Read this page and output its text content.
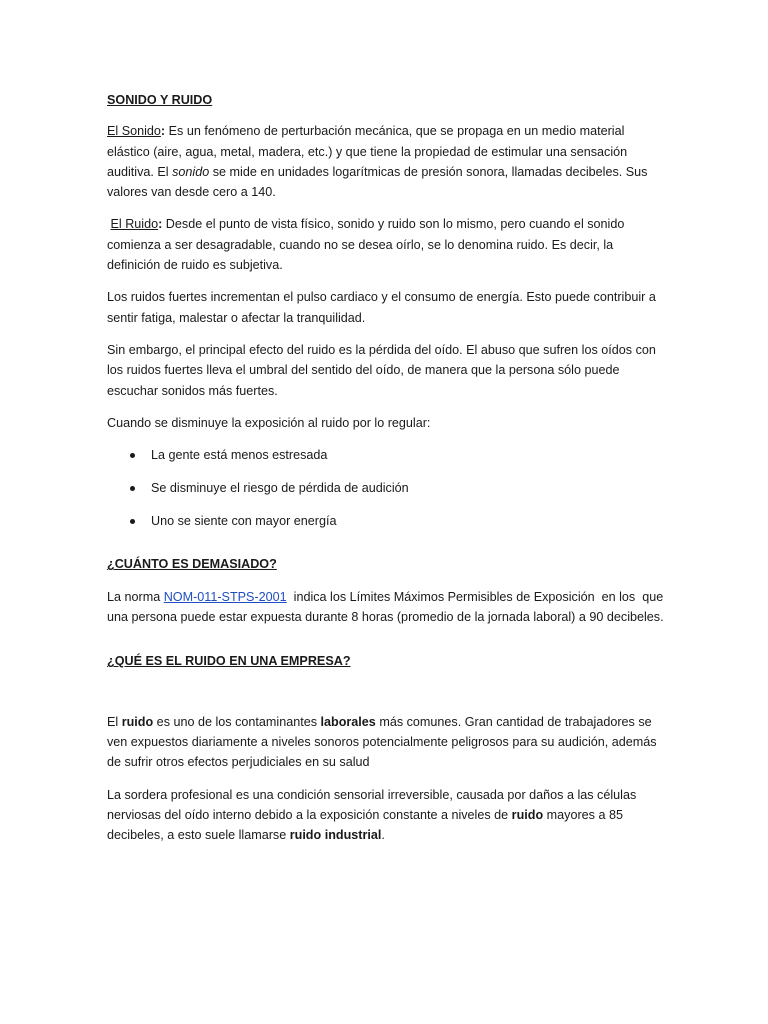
SONIDO Y RUIDO

El Sonido: Es un fenómeno de perturbación mecánica, que se propaga en un medio material elástico (aire, agua, metal, madera, etc.) y que tiene la propiedad de estimular una sensación auditiva. El sonido se mide en unidades logarítmicas de presión sonora, llamadas decibeles. Sus valores van desde cero a 140.

El Ruido: Desde el punto de vista físico, sonido y ruido son lo mismo, pero cuando el sonido comienza a ser desagradable, cuando no se desea oírlo, se lo denomina ruido. Es decir, la definición de ruido es subjetiva.

Los ruidos fuertes incrementan el pulso cardiaco y el consumo de energía. Esto puede contribuir a sentir fatiga, malestar o afectar la tranquilidad.

Sin embargo, el principal efecto del ruido es la pérdida del oído. El abuso que sufren los oídos con los ruidos fuertes lleva el umbral del sentido del oído, de manera que la persona sólo puede escuchar sonidos más fuertes.

Cuando se disminuye la exposición al ruido por lo regular:

La gente está menos estresada
Se disminuye el riesgo de pérdida de audición
Uno se siente con mayor energía

¿CUÁNTO ES DEMASIADO?

La norma NOM-011-STPS-2001  indica los Límites Máximos Permisibles de Exposición  en los  que una persona puede estar expuesta durante 8 horas (promedio de la jornada laboral) a 90 decibeles.

¿QUÉ ES EL RUIDO EN UNA EMPRESA?

El ruido es uno de los contaminantes laborales más comunes. Gran cantidad de trabajadores se ven expuestos diariamente a niveles sonoros potencialmente peligrosos para su audición, además de sufrir otros efectos perjudiciales en su salud

La sordera profesional es una condición sensorial irreversible, causada por daños a las células nerviosas del oído interno debido a la exposición constante a niveles de ruido mayores a 85 decibeles, a esto suele llamarse ruido industrial.
